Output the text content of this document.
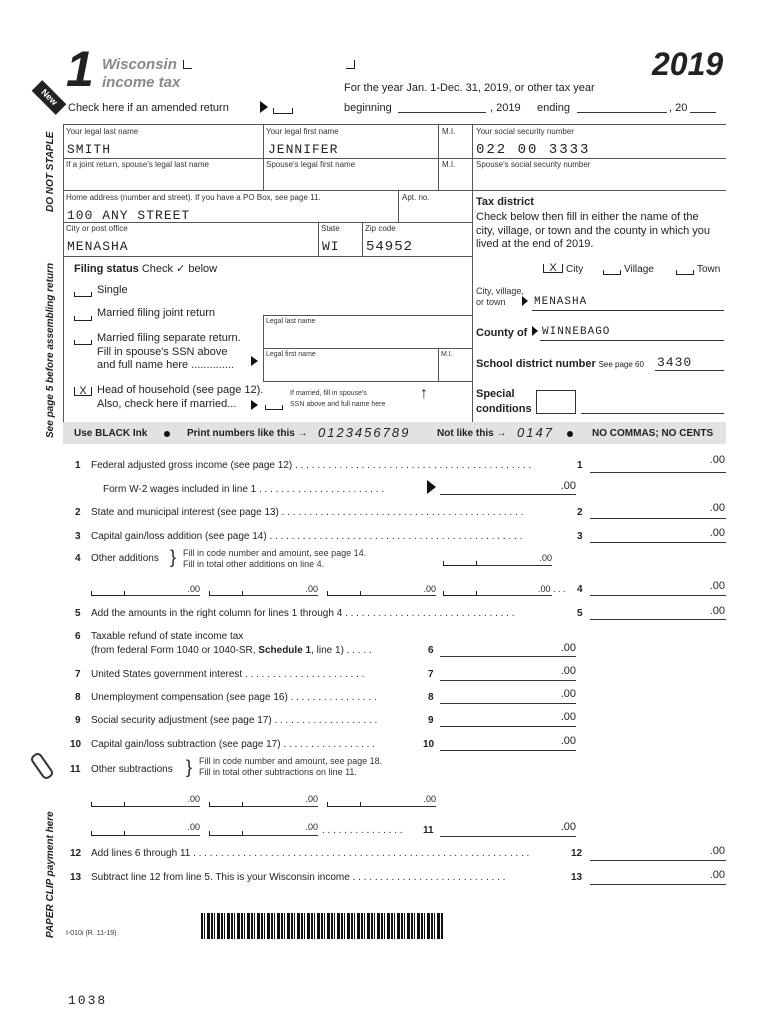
1 Wisconsin
income tax
2019
For the year Jan. 1-Dec. 31, 2019, or other tax year
New
Check here if an amended return	beginning	, 2019 ending	, 20
DO NOT STAPLE
See page 5 before assembling return
PAPER CLIP payment here
Your legal last name	Your legal first name	M.I.	Your social security number
SMITH	JENNIFER	022 00 3333
If a joint return, spouse's legal last name	Spouse's legal first name	M.I.	Spouse's social security number
Home address (number and street). If you have a PO Box, see page 11.	Apt. no.
100 ANY STREET
City or post office	State	Zip code
MENASHA	WI 54952
Filing status Check ✓ below
Single
Married filing joint return
Legal last name
Legal first name	M.I.
Married filing separate return.
Fill in spouse's SSN above
and full name here ..............
X Head of household (see page 12).
Also, check here if married...
If married, fill in spouse's
SSN above and full name here
↑
Tax district
Check below then fill in either the name of the
city, village, or town and the county in which you
lived at the end of 2019.
X City	Village	Town
City, village,
or town	MENASHA
County of WINNEBAGO
School district number See page 60 3430
Special
conditions
Use BLACK Ink	Print numbers like this → 0123456789	Not like this → 0147	NO COMMAS; NO CENTS
1 Federal adjusted gross income (see page 12) . . . . . . . . . . . . . . . . . . . . . . . . . . . . . . . . . . . . . . . . . . .	1	.00
Form W-2 wages included in line 1 . . . . . . . . . . . . . . . . . . . . . . .	.00
2 State and municipal interest (see page 13) . . . . . . . . . . . . . . . . . . . . . . . . . . . . . . . . . . . . . . . . . . . .	2	.00
3 Capital gain/loss addition (see page 14) . . . . . . . . . . . . . . . . . . . . . . . . . . . . . . . . . . . . . . . . . . . . . .	3	.00
4 Other additions } Fill in code number and amount, see page 14.
Fill in total other additions on line 4.
.00
.00	.00	.00	.00 . . . 4	.00
5 Add the amounts in the right column for lines 1 through 4 . . . . . . . . . . . . . . . . . . . . . . . . . . . . . . .	5	.00
6 Taxable refund of state income tax
(from federal Form 1040 or 1040-SR, Schedule 1, line 1) . . . . .	6	.00
7 United States government interest . . . . . . . . . . . . . . . . . . . . . .	7	.00
8 Unemployment compensation (see page 16) . . . . . . . . . . . . . . . .	8	.00
9 Social security adjustment (see page 17) . . . . . . . . . . . . . . . . . . .	9	.00
10 Capital gain/loss subtraction (see page 17) . . . . . . . . . . . . . . . . .	10	.00
11 Other subtractions } Fill in code number and amount, see page 18.
Fill in total other subtractions on line 11.
.00	.00	.00
.00	.00 . . . . . . . . . . . . . . . 11	.00
12 Add lines 6 through 11 . . . . . . . . . . . . . . . . . . . . . . . . . . . . . . . . . . . . . . . . . . . . . . . . . . . . . . . . . . . . .	12	.00
13 Subtract line 12 from line 5. This is your Wisconsin income . . . . . . . . . . . . . . . . . . . . . . . . . . . .	13	.00
I-010i (R. 11-19)
1038
